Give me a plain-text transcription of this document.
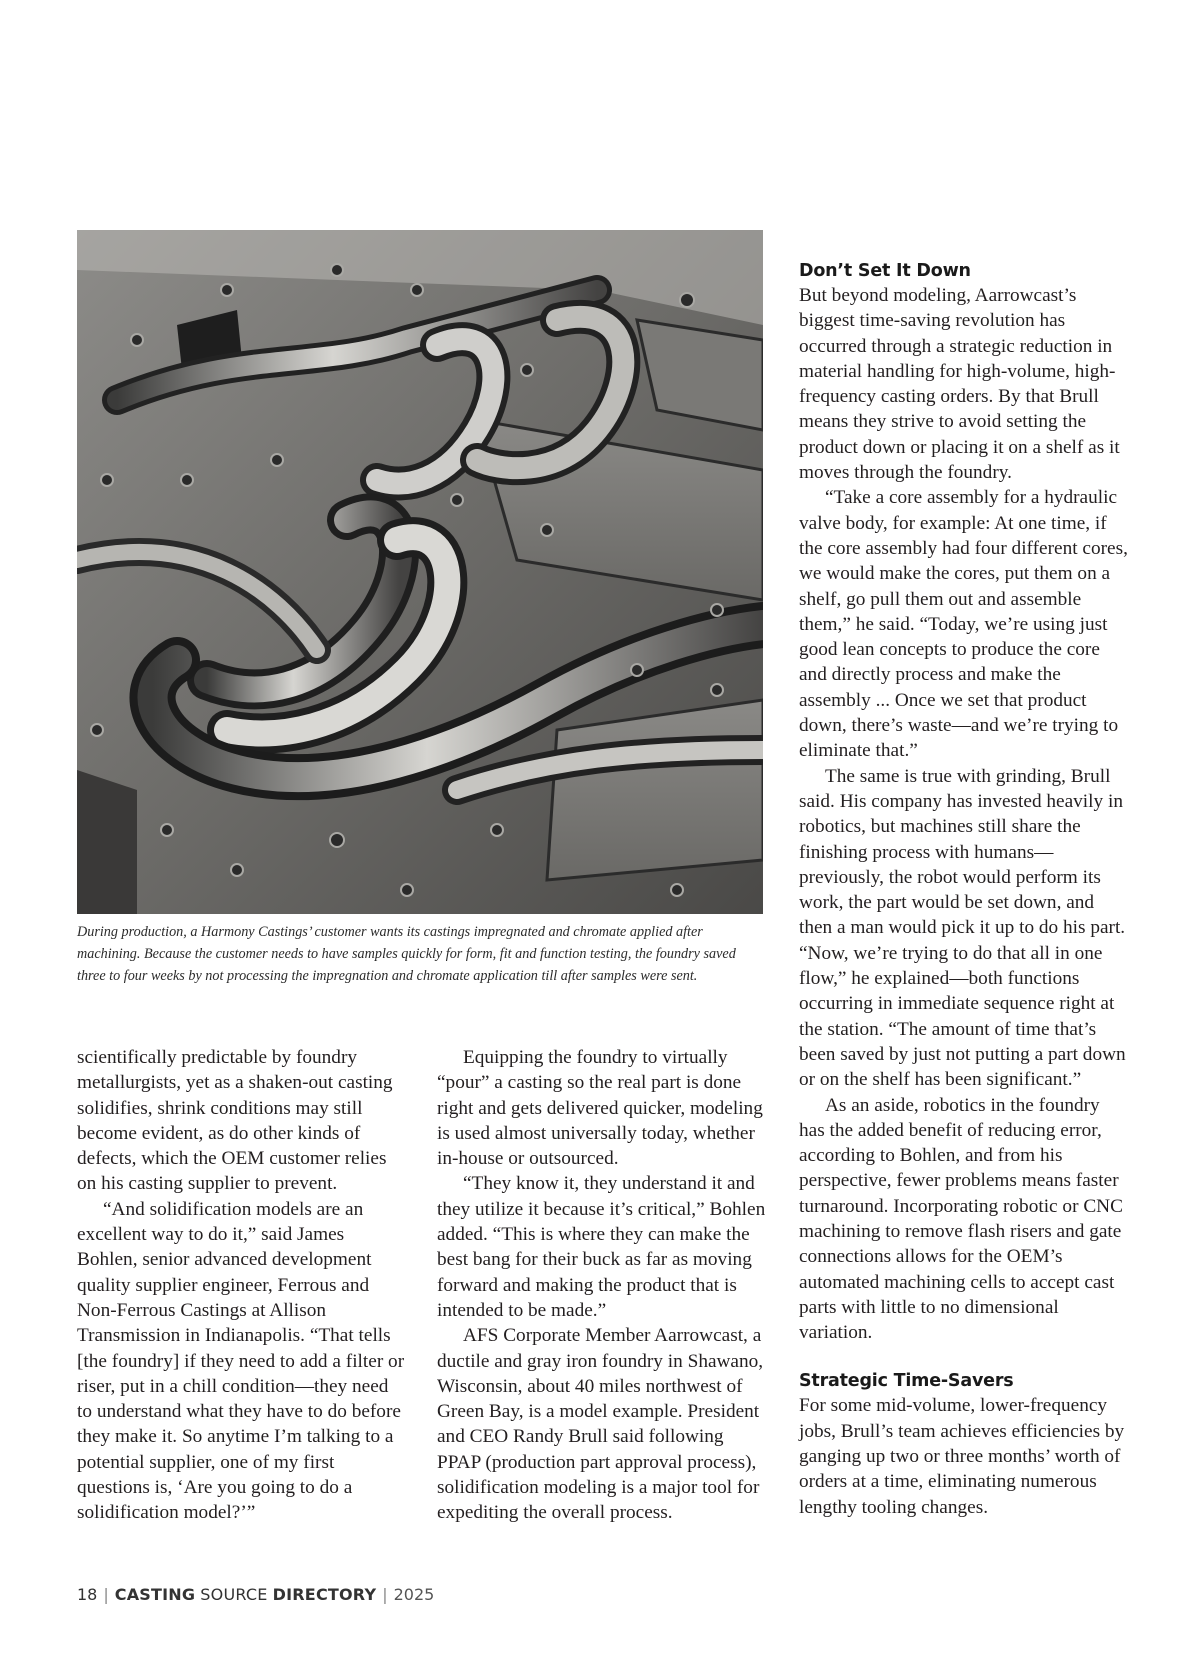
During production, a Harmony Castings’ customer wants its castings impregnated and chromate applied after machining. Because the customer needs to have samples quickly for form, fit and function testing, the foundry saved three to four weeks by not processing the impregnation and chromate application till after samples were sent.

scientifically predictable by foundry metallurgists, yet as a shaken-out casting solidifies, shrink conditions may still become evident, as do other kinds of defects, which the OEM customer relies on his casting supplier to prevent.

“And solidification models are an excellent way to do it,” said James Bohlen, senior advanced development quality supplier engineer, Ferrous and Non-Ferrous Castings at Allison Transmission in Indianapolis. “That tells [the foundry] if they need to add a filter or riser, put in a chill condition—they need to understand what they have to do before they make it. So anytime I’m talking to a potential supplier, one of my first questions is, ‘Are you going to do a solidification model?’”

Equipping the foundry to virtually “pour” a casting so the real part is done right and gets delivered quicker, modeling is used almost universally today, whether in-house or outsourced.

“They know it, they understand it and they utilize it because it’s critical,” Bohlen added. “This is where they can make the best bang for their buck as far as moving forward and making the product that is intended to be made.”

AFS Corporate Member Aarrowcast, a ductile and gray iron foundry in Shawano, Wisconsin, about 40 miles northwest of Green Bay, is a model example. President and CEO Randy Brull said following PPAP (production part approval process), solidification modeling is a major tool for expediting the overall process.

Don’t Set It Down

But beyond modeling, Aarrowcast’s biggest time-saving revolution has occurred through a strategic reduction in material handling for high-volume, high-frequency casting orders. By that Brull means they strive to avoid setting the product down or placing it on a shelf as it moves through the foundry.

“Take a core assembly for a hydraulic valve body, for example: At one time, if the core assembly had four different cores, we would make the cores, put them on a shelf, go pull them out and assemble them,” he said. “Today, we’re using just good lean concepts to produce the core and directly process and make the assembly ... Once we set that product down, there’s waste—and we’re trying to eliminate that.”

The same is true with grinding, Brull said. His company has invested heavily in robotics, but machines still share the finishing process with humans—previously, the robot would perform its work, the part would be set down, and then a man would pick it up to do his part. “Now, we’re trying to do that all in one flow,” he explained—both functions occurring in immediate sequence right at the station. “The amount of time that’s been saved by just not putting a part down or on the shelf has been significant.”

As an aside, robotics in the foundry has the added benefit of reducing error, according to Bohlen, and from his perspective, fewer problems means faster turnaround. Incorporating robotic or CNC machining to remove flash risers and gate connections allows for the OEM’s automated machining cells to accept cast parts with little to no dimensional variation.

Strategic Time-Savers

For some mid-volume, lower-frequency jobs, Brull’s team achieves efficiencies by ganging up two or three months’ worth of orders at a time, eliminating numerous lengthy tooling changes.

18 | CASTING SOURCE DIRECTORY | 2025
